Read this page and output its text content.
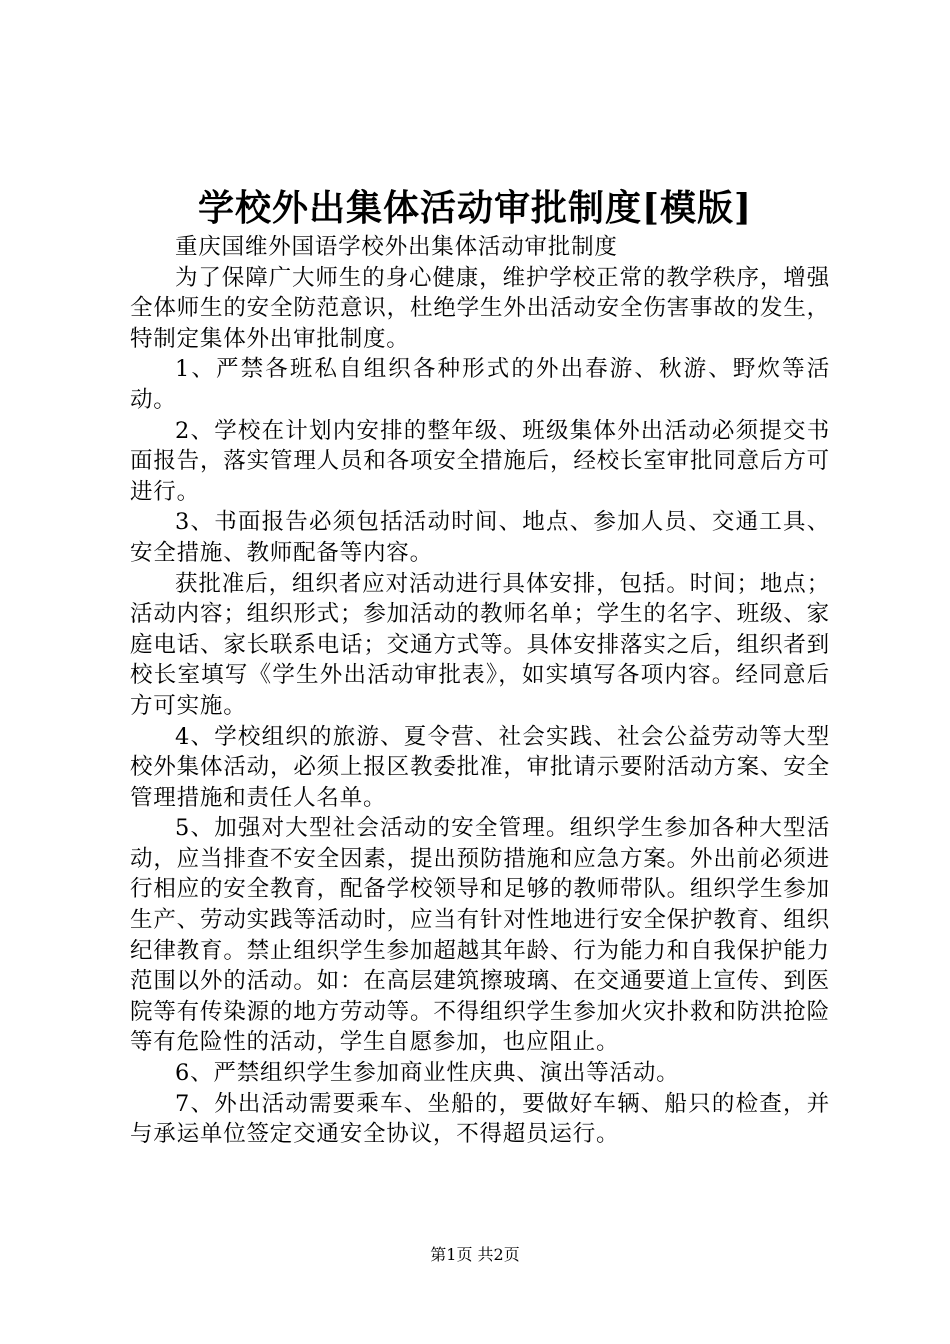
学校外出集体活动审批制度[模版]

重庆国维外国语学校外出集体活动审批制度

为了保障广大师生的身心健康，维护学校正常的教学秩序，增强全体师生的安全防范意识，杜绝学生外出活动安全伤害事故的发生，特制定集体外出审批制度。

1、严禁各班私自组织各种形式的外出春游、秋游、野炊等活动。

2、学校在计划内安排的整年级、班级集体外出活动必须提交书面报告，落实管理人员和各项安全措施后，经校长室审批同意后方可进行。

3、书面报告必须包括活动时间、地点、参加人员、交通工具、安全措施、教师配备等内容。

获批准后，组织者应对活动进行具体安排，包括。时间；地点；活动内容；组织形式；参加活动的教师名单；学生的名字、班级、家庭电话、家长联系电话；交通方式等。具体安排落实之后，组织者到校长室填写《学生外出活动审批表》，如实填写各项内容。经同意后方可实施。

4、学校组织的旅游、夏令营、社会实践、社会公益劳动等大型校外集体活动，必须上报区教委批准，审批请示要附活动方案、安全管理措施和责任人名单。

5、加强对大型社会活动的安全管理。组织学生参加各种大型活动，应当排查不安全因素，提出预防措施和应急方案。外出前必须进行相应的安全教育，配备学校领导和足够的教师带队。组织学生参加生产、劳动实践等活动时，应当有针对性地进行安全保护教育、组织纪律教育。禁止组织学生参加超越其年龄、行为能力和自我保护能力范围以外的活动。如：在高层建筑擦玻璃、在交通要道上宣传、到医院等有传染源的地方劳动等。不得组织学生参加火灾扑救和防洪抢险等有危险性的活动，学生自愿参加，也应阻止。

6、严禁组织学生参加商业性庆典、演出等活动。

7、外出活动需要乘车、坐船的，要做好车辆、船只的检查，并与承运单位签定交通安全协议，不得超员运行。

第1页 共2页
